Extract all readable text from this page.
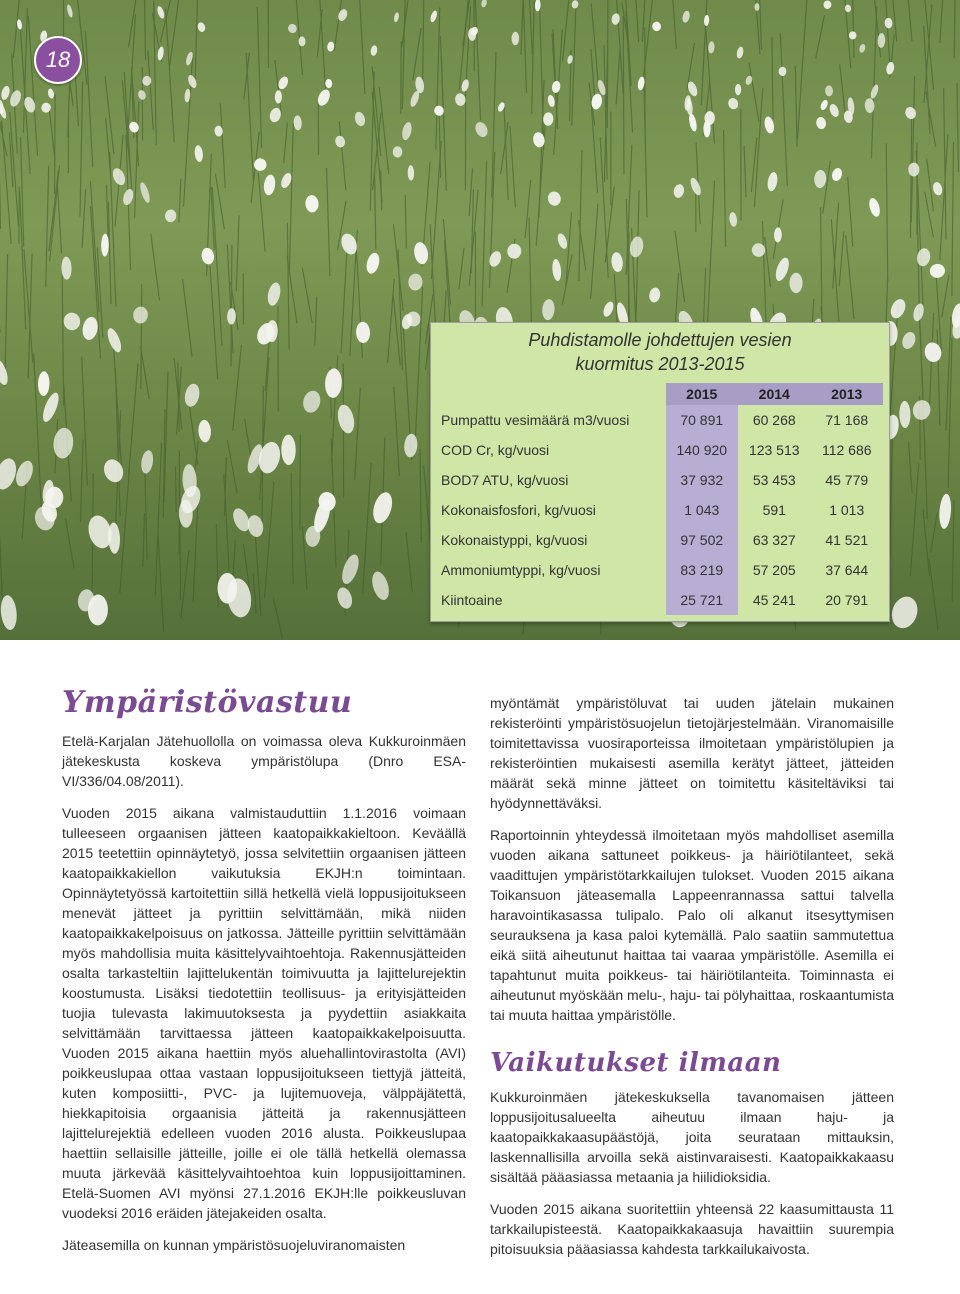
18
Puhdistamolle johdettujen vesien
kuormitus 2013-2015
	2015	2014	2013
Pumpattu vesimäärä m3/vuosi	70 891	60 268	71 168
COD Cr, kg/vuosi	140 920	123 513	112 686
BOD7 ATU, kg/vuosi	37 932	53 453	45 779
Kokonaisfosfori, kg/vuosi	1 043	591	1 013
Kokonaistyppi, kg/vuosi	97 502	63 327	41 521
Ammoniumtyppi, kg/vuosi	83 219	57 205	37 644
Kiintoaine	25 721	45 241	20 791
Ympäristövastuu

Etelä-Karjalan Jätehuollolla on voimassa oleva Kukkuroinmäen jätekeskusta koskeva ympäristölupa (Dnro ESA-VI/336/04.08/2011).

Vuoden 2015 aikana valmistauduttiin 1.1.2016 voimaan tulleeseen orgaanisen jätteen kaatopaikkakieltoon. Keväällä 2015 teetettiin opinnäytetyö, jossa selvitettiin orgaanisen jätteen kaatopaikkakiellon vaikutuksia EKJH:n toimintaan. Opinnäytetyössä kartoitettiin sillä hetkellä vielä loppusijoitukseen menevät jätteet ja pyrittiin selvittämään, mikä niiden kaatopaikkakelpoisuus on jatkossa. Jätteille pyrittiin selvittämään myös mahdollisia muita käsittelyvaihtoehtoja. Rakennusjätteiden osalta tarkasteltiin lajittelukentän toimivuutta ja lajittelurejektin koostumusta. Lisäksi tiedotettiin teollisuus- ja erityisjätteiden tuojia tulevasta lakimuutoksesta ja pyydettiin asiakkaita selvittämään tarvittaessa jätteen kaatopaikkakelpoisuutta. Vuoden 2015 aikana haettiin myös aluehallintovirastolta (AVI) poikkeuslupaa ottaa vastaan loppusijoitukseen tiettyjä jätteitä, kuten komposiitti-, PVC- ja lujitemuoveja, välppäjätettä, hiekkapitoisia orgaanisia jätteitä ja rakennusjätteen lajittelurejektiä edelleen vuoden 2016 alusta. Poikkeuslupaa haettiin sellaisille jätteille, joille ei ole tällä hetkellä olemassa muuta järkevää käsittelyvaihtoehtoa kuin loppusijoittaminen. Etelä-Suomen AVI myönsi 27.1.2016 EKJH:lle poikkeusluvan vuodeksi 2016 eräiden jätejakeiden osalta.

Jäteasemilla on kunnan ympäristösuojeluviranomaisten

myöntämät ympäristöluvat tai uuden jätelain mukainen rekisteröinti ympäristösuojelun tietojärjestelmään. Viranomaisille toimitettavissa vuosiraporteissa ilmoitetaan ympäristölupien ja rekisteröintien mukaisesti asemilla kerätyt jätteet, jätteiden määrät sekä minne jätteet on toimitettu käsiteltäviksi tai hyödynnettäväksi.

Raportoinnin yhteydessä ilmoitetaan myös mahdolliset asemilla vuoden aikana sattuneet poikkeus- ja häiriötilanteet, sekä vaadittujen ympäristötarkkailujen tulokset. Vuoden 2015 aikana Toikansuon jäteasemalla Lappeenrannassa sattui talvella haravointikasassa tulipalo. Palo oli alkanut itsesyttymisen seurauksena ja kasa paloi kytemällä. Palo saatiin sammutettua eikä siitä aiheutunut haittaa tai vaaraa ympäristölle. Asemilla ei tapahtunut muita poikkeus- tai häiriötilanteita. Toiminnasta ei aiheutunut myöskään melu-, haju- tai pölyhaittaa, roskaantumista tai muuta haittaa ympäristölle.

Vaikutukset ilmaan

Kukkuroinmäen jätekeskuksella tavanomaisen jätteen loppusijoitusalueelta aiheutuu ilmaan haju- ja kaatopaikkakaasupäästöjä, joita seurataan mittauksin, laskennallisilla arvoilla sekä aistinvaraisesti. Kaatopaikkakaasu sisältää pääasiassa metaania ja hiilidioksidia.

Vuoden 2015 aikana suoritettiin yhteensä 22 kaasumittausta 11 tarkkailupisteestä. Kaatopaikkakaasuja havaittiin suurempia pitoisuuksia pääasiassa kahdesta tarkkailukaivosta.
